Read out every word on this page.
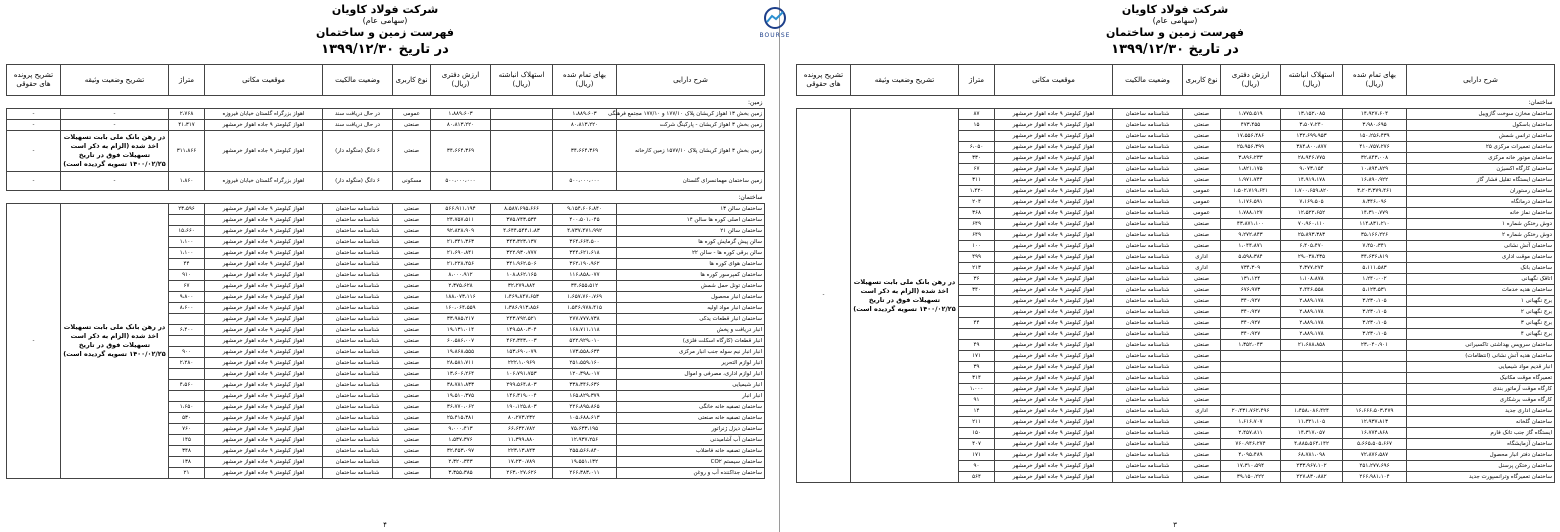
شرکت فولاد کاویان
(سهامی عام)
فهرست زمین و ساختمان
در تاریخ ۱۳۹۹/۱۲/۳۰
شرح دارایی	بهای تمام شده (ریال)	استهلاک انباشته (ریال)	ارزش دفتری (ریال)	نوع کاربری	وضعیت مالکیت	موقعیت مکانی	متراژ	تشریح وضعیت وثیقه	تشریح پرونده های حقوقی
زمین:									
زمین بخش ۱۳ اهواز کریشان پلاک ۱۷۷/۱۰ و ۱۷۷/۱۰ مجتمع فرهنگی	۱،۸۸۹،۶۰۳		۱،۸۸۹،۶۰۳	عمومی	در حال دریافت سند	اهواز بزرگراه گلستان خیابان فیروزه	۲،۷۶۸	-	-
زمین بخش ۳ اهواز کریشان - پارکینگ شرکت	۸۰،۸۱۳،۲۲۰		۸۰،۸۱۳،۲۲۰	صنعتی	در حال دریافت سند	اهواز کیلومتر ۹ جاده اهواز خرمشهر	۴۱،۳۱۷	-	-
زمین بخش ۳ اهواز کریشان پلاک ۱۵۷۷/۱۰ زمین کارخانه	۳۴،۶۶۴،۳۶۹		۳۴،۶۶۴،۳۶۹	صنعتی	۶ دانگ (منگوله دار)	اهواز کیلومتر ۹ جاده اهواز خرمشهر	۳۱۱،۸۶۶	در رهن بانک ملی بابت تسهیلات اخذ شده (الزام به ذکر است تسهیلات فوق در تاریخ ۱۴۰۰/۰۲/۲۵ تسویه گردیده است)	-
زمین ساختمان مهمانسرای گلستان	۵۰۰،۰۰۰،۰۰۰		۵۰۰،۰۰۰،۰۰۰	مسکونی	۶ دانگ (منگوله دار)	اهواز بزرگراه گلستان خیابان فیروزه	۱،۸۶۰	-	-
ساختمان:									
ساختمان سالن ۱۳	۹،۱۵۴،۶۰۶،۸۴۰	۸،۵۸۷،۶۹۵،۶۶۶	۵۶۶،۹۱۱،۱۹۴	صنعتی	شناسنامه ساختمان	اهواز کیلومتر ۹ جاده اهواز خرمشهر	۲۳،۵۹۶	در رهن بانک ملی بابت تسهیلات اخذ شده (الزام به ذکر است تسهیلات فوق در تاریخ ۱۴۰۰/۰۲/۲۵ تسویه گردیده است)	-
ساختمان اصلی کوره ها سالن ۱۴	۴۰۰،۵۰۱،۰۴۵	۳۷۵،۷۴۳،۵۳۴	۲۴،۷۵۷،۵۱۱	صنعتی	شناسنامه ساختمان	اهواز کیلومتر ۹ جاده اهواز خرمشهر			
ساختمان سالن ۲۱	۴،۷۳۷،۴۷۱،۹۹۲	۴،۶۴۴،۵۴۴،۱،۸۳	۹۲،۸۲۸،۹۰۹	صنعتی	شناسنامه ساختمان	اهواز کیلومتر ۹ جاده اهواز خرمشهر	۱۵،۶۶۰		
سالن پیش گرمایش کوره ها	۳۶۴،۶۶۴،۵۰۰	۳۴۳،۳۲۳،۱۳۷	۲۱،۳۴۱،۳۶۳	صنعتی	شناسنامه ساختمان	اهواز کیلومتر ۹ جاده اهواز خرمشهر	۱،۱۰۰		
سالن برقی کوره ها - سالن ۲۲	۳۴۴،۶۲۱،۶۱۸	۳۲۲،۹۳۰،۷۷۷	۲۱،۶۹۰،۸۴۱	صنعتی	شناسنامه ساختمان	اهواز کیلومتر ۹ جاده اهواز خرمشهر	۱،۱۰۰		
ساختمان هوای کوره ها	۳۶۲،۱۹۰،۹۶۲	۳۴۱،۹۶۲،۵۰۶	۲۱،۲۲۸،۴۵۶	صنعتی	شناسنامه ساختمان	اهواز کیلومتر ۹ جاده اهواز خرمشهر	۴۴		
ساختمان کمپرسور کوره ها	۱۱۶،۸۵۸،۰۷۷	۱۰۸،۸۶۲،۱۶۵	۸،۰۰۰،۹۱۲	صنعتی	شناسنامه ساختمان	اهواز کیلومتر ۹ جاده اهواز خرمشهر	۹۱۰		
ساختمان تونل حمل شمش	۳۴،۶۵۵،۵۱۲	۳۲،۲۷۹،۸۸۴	۲،۳۷۵،۶۲۸	صنعتی	شناسنامه ساختمان	اهواز کیلومتر ۹ جاده اهواز خرمشهر	۶۷		
ساختمان انبار محصول	۱،۶۵۷،۷۶۰،۷۶۹	۱،۴۶۹،۸۴۷،۶۵۳	۱۸۸،۰۷۳،۱۱۶	صنعتی	شناسنامه ساختمان	اهواز کیلومتر ۹ جاده اهواز خرمشهر	۹،۸۰۰		
ساختمان انبار مواد اولیه	۱،۵۴۶،۹۷۸،۴۱۵	۱،۳۸۶،۹۱۳،۸۵۶	۱۶۰،۰۶۴،۵۵۹	صنعتی	شناسنامه ساختمان	اهواز کیلومتر ۹ جاده اهواز خرمشهر	۸،۶۰۰		
ساختمان انبار قطعات یدکی	۲۷۷،۷۷۷،۷۳۸	۲۴۳،۷۹۲،۵۲۱	۳۳،۹۸۵،۲۱۷	صنعتی	شناسنامه ساختمان	اهواز کیلومتر ۹ جاده اهواز خرمشهر			
انبار دریافت و پخش	۱۶۸،۷۱۱،۱۱۸	۱۴۹،۵۸۰،۳۰۴	۱۹،۱۳۱،۰۱۴	صنعتی	شناسنامه ساختمان	اهواز کیلومتر ۹ جاده اهواز خرمشهر	۶،۴۰۰		
انبار قطعات (کارگاه اسکلت فلزی)	۵۲۲،۹۲۹،۰۱۰	۴۶۲،۳۴۳،۰۰۳	۶۰،۵۸۶،۰۰۷	صنعتی	شناسنامه ساختمان	اهواز کیلومتر ۹ جاده اهواز خرمشهر			
انبار انبار نیم سوله جنب انبار مرکزی	۱۷۳،۵۵۸،۶۳۴	۱۵۳،۶۹۰،۰۷۹	۱۹،۸۶۸،۵۵۵	صنعتی	شناسنامه ساختمان	اهواز کیلومتر ۹ جاده اهواز خرمشهر	۹۰۰		
انبار لوازم التحریر	۲۵۱،۵۵۹،۱۶۰	۲۲۲،۱،۰۹۶۹	۲۸،۵۸۱،۷۱۱	صنعتی	شناسنامه ساختمان	اهواز کیلومتر ۹ جاده اهواز خرمشهر	۲،۲۸۰		
انبار لوازم اداری، مصرفی و اموال	۱۲۰،۳۹۸،۰۱۷	۱۰۶،۷۹۱،۷۵۳	۱۳،۶۰۶،۲۶۴	صنعتی	شناسنامه ساختمان	اهواز کیلومتر ۹ جاده اهواز خرمشهر			
انبار شیمیایی	۳۳۸،۳۴۶،۶۳۶	۲۹۹،۵۶۴،۸۰۳	۳۸،۷۸۱،۸۳۳	صنعتی	شناسنامه ساختمان	اهواز کیلومتر ۹ جاده اهواز خرمشهر	۴،۵۶۰		
انبار انبار	۱۶۵،۸۲۹،۳۷۹	۱۴۶،۳۱۹،۰۰۴	۱۹،۵۱۰،۳۷۵	صنعتی	شناسنامه ساختمان	اهواز کیلومتر ۹ جاده اهواز خرمشهر			
ساختمان تصفیه خانه خانگی	۲۲۶،۸۹۵،۸۶۵	۱۹۰،۱۲۵،۸۰۳	۳۶،۷۷۰،۰۶۲	صنعتی	شناسنامه ساختمان	اهواز کیلومتر ۹ جاده اهواز خرمشهر	۱،۶۵۰		
ساختمان تصفیه خانه صنعتی	۱۰۵،۶۸۸،۶۱۳	۸۰،۲۷۳،۲۳۲	۲۵،۴۱۵،۳۸۱	صنعتی	شناسنامه ساختمان	اهواز کیلومتر ۹ جاده اهواز خرمشهر	۵۳۰		
ساختمان دیزل ژنراتور	۷۵،۶۳۳،۱۹۵	۶۶،۶۳۲،۷۸۲	۹،۰۰۰،۴۱۳	صنعتی	شناسنامه ساختمان	اهواز کیلومتر ۹ جاده اهواز خرمشهر	۷۶۰		
ساختمان آب آشامیدنی	۱۲،۹۳۷،۲۵۶	۱۱،۳۹۹،۸۸۰	۱،۵۳۷،۳۷۶	صنعتی	شناسنامه ساختمان	اهواز کیلومتر ۹ جاده اهواز خرمشهر	۱۴۵		
ساختمان تصفیه خانه فاضلاب	۲۵۵،۵۶۶،۸۴۰	۲۲۳،۱۳،۸۴۳	۳۲،۴۵۳،۰۹۷	صنعتی	شناسنامه ساختمان	اهواز کیلومتر ۹ جاده اهواز خرمشهر	۳۴۸		
ساختمان سیستم CO۲	۱۹،۵۵۱،۱۳۲	۱۷،۲۳۰،۷۸۹	۲،۳۲۰،۳۴۳	صنعتی	شناسنامه ساختمان	اهواز کیلومتر ۹ جاده اهواز خرمشهر	۱۳۸		
ساختمان جداکننده آب و روغن	۲۶۶،۳۸۳،۰۱۱	۲۶۳،۰۲۷،۶۲۶	۳،۳۵۵،۳۸۵	صنعتی	شناسنامه ساختمان	اهواز کیلومتر ۹ جاده اهواز خرمشهر	۲۱		
۴
شرکت فولاد کاویان
(سهامی عام)
فهرست زمین و ساختمان
در تاریخ ۱۳۹۹/۱۲/۳۰
شرح دارایی	بهای تمام شده (ریال)	استهلاک انباشته (ریال)	ارزش دفتری (ریال)	نوع کاربری	وضعیت مالکیت	موقعیت مکانی	متراژ	تشریح وضعیت وثیقه	تشریح پرونده های حقوقی
ساختمان:									
ساختمان مخازن سوخت گازوییل	۱۴،۹۲۷،۶۰۴	۱۳،۱۵۲،۰۸۵	۱،۷۷۵،۵۱۹	صنعتی	شناسنامه ساختمان	اهواز کیلومتر ۹ جاده اهواز خرمشهر	۸۷	در رهن بانک ملی بابت تسهیلات اخذ شده (الزام به ذکر است تسهیلات فوق در تاریخ ۱۴۰۰/۰۲/۲۵ تسویه گردیده است)	-
ساختمان باسکول	۳،۹۸۰،۶۹۵	۳،۵۰۷،۲۴۰	۴۷۳،۴۵۵	صنعتی	شناسنامه ساختمان	اهواز کیلومتر ۹ جاده اهواز خرمشهر	۱۵		
ساختمان ترانس شمش	۱۵۰،۲۵۶،۴۳۹	۱۳۲،۶۹۹،۹۵۳	۱۷،۵۵۶،۴۸۶	صنعتی	شناسنامه ساختمان	اهواز کیلومتر ۹ جاده اهواز خرمشهر			
ساختمان تعمیرات مرکزی ۲۵	۴۱۰،۷۵۷،۲۷۶	۳۸۴،۸۰۰،۸۷۷	۲۵،۹۵۶،۳۹۹	صنعتی	شناسنامه ساختمان	اهواز کیلومتر ۹ جاده اهواز خرمشهر	۶،۰۵۰		
ساختمان موتور خانه مرکزی	۳۲،۸۴۳،۰۰۸	۲۸،۹۴۶،۷۷۵	۳،۸۹۶،۲۳۳	صنعتی	شناسنامه ساختمان	اهواز کیلومتر ۹ جاده اهواز خرمشهر	۳۳۰		
ساختمان کارگاه اکسیژن	۱۰،۸۹۴،۸۲۹	۹،۰۷۳،۱۵۴	۱،۸۲۱،۱۷۵	صنعتی	شناسنامه ساختمان	اهواز کیلومتر ۹ جاده اهواز خرمشهر	۶۷		
ساختمان ایستگاه تقلیل فشار گاز	۱۶،۸۹۰،۹۲۲	۱۴،۹۱۹،۱۷۸	۱،۹۷۱،۷۴۴	صنعتی	شناسنامه ساختمان	اهواز کیلومتر ۹ جاده اهواز خرمشهر	۳۱۱		
ساختمان رستوران	۳،۲۰۳،۳۷۹،۴۶۱	۱،۷۰۰،۶۵۹،۸۲۰	۱،۵۰۲،۷۱۹،۶۴۱	عمومی	شناسنامه ساختمان	اهواز کیلومتر ۹ جاده اهواز خرمشهر	۱،۴۲۰		
ساختمان درمانگاه	۸،۳۴۶،۰۹۶	۷،۱۶۹،۵۰۵	۱،۱۷۶،۵۹۱	عمومی	شناسنامه ساختمان	اهواز کیلومتر ۹ جاده اهواز خرمشهر	۲۰۴		
ساختمان نماز خانه	۱۴،۳۱۰،۷۷۹	۱۲،۵۲۲،۶۵۲	۱،۷۸۸،۱۲۷	عمومی	شناسنامه ساختمان	اهواز کیلومتر ۹ جاده اهواز خرمشهر	۳۶۸		
دوش رختکن شماره ۱	۱۱۴،۸۳۱،۲۱۰	۷۰،۹۶۰،۱۱۰	۴۳،۸۷۱،۱۰۰	صنعتی	شناسنامه ساختمان	اهواز کیلومتر ۹ جاده اهواز خرمشهر	۶۴۹		
دوش رختکن شماره ۲	۳۵،۱۶۶،۲۲۶	۲۵،۸۹۳،۳۸۳	۹،۲۷۲،۸۴۳	صنعتی	شناسنامه ساختمان	اهواز کیلومتر ۹ جاده اهواز خرمشهر	۶۴۹		
ساختمان آتش نشانی	۷،۴۵۰،۳۴۱	۶،۴۰۵،۴۷۰	۱،۰۴۴،۸۷۱	صنعتی	شناسنامه ساختمان	اهواز کیلومتر ۹ جاده اهواز خرمشهر	۱۰۰		
ساختمان موقت اداری	۳۴،۶۳۶،۸۱۹	۲۹،۰۳۸،۴۳۵	۵،۵۹۸،۳۸۴	اداری	شناسنامه ساختمان	اهواز کیلومتر ۹ جاده اهواز خرمشهر	۴۹۹		
ساختمان بانک	۵،۱۱۱،۵۸۳	۴،۳۷۷،۲۷۴	۷۳۴،۳۰۹	اداری	شناسنامه ساختمان	اهواز کیلومتر ۹ جاده اهواز خرمشهر	۲۱۳		
اتاقک نگهبانی	۱،۲۴۰،۰۰۲	۱،۱۰۸،۸۷۸	۱۳۱،۱۲۴	صنعتی	شناسنامه ساختمان	اهواز کیلومتر ۹ جاده اهواز خرمشهر	۳۶		
ساختمان هدیه خدمات	۵،۱۲۳،۵۳۱	۴،۴۴۶،۵۵۸	۶۷۶،۹۷۳	صنعتی	شناسنامه ساختمان	اهواز کیلومتر ۹ جاده اهواز خرمشهر	۳۴۰		
برج نگهبانی ۱	۳،۲۳۰،۱۰۵	۲،۸۸۹،۱۷۸	۳۴۰،۹۲۷	صنعتی	شناسنامه ساختمان	اهواز کیلومتر ۹ جاده اهواز خرمشهر			
برج نگهبانی ۲	۳،۲۳۰،۱۰۵	۲،۸۸۹،۱۷۸	۳۴۰،۹۲۷	صنعتی	شناسنامه ساختمان	اهواز کیلومتر ۹ جاده اهواز خرمشهر			
برج نگهبانی ۳	۳،۲۳۰،۱۰۵	۲،۸۸۹،۱۷۸	۳۴۰،۹۲۷	صنعتی	شناسنامه ساختمان	اهواز کیلومتر ۹ جاده اهواز خرمشهر	۴۴		
برج نگهبانی ۴	۳،۲۳۰،۱۰۵	۲،۸۸۹،۱۷۸	۳۴۰،۹۲۷	صنعتی	شناسنامه ساختمان	اهواز کیلومتر ۹ جاده اهواز خرمشهر			
ساختمان سرویس بهداشتی تاکسیرانی	۲۳،۰۴۰،۹۰۱	۲۱،۶۸۸،۸۵۸	۱،۳۵۲،۰۴۳	صنعتی	شناسنامه ساختمان	اهواز کیلومتر ۹ جاده اهواز خرمشهر	۴۹		
ساختمان هدیه آتش نشانی (انتظامات)				صنعتی	شناسنامه ساختمان	اهواز کیلومتر ۹ جاده اهواز خرمشهر	۱۷۱		
انبار قدیم مواد شیمیایی				صنعتی	شناسنامه ساختمان	اهواز کیلومتر ۹ جاده اهواز خرمشهر	۳۹		
تعمیرگاه موقت مکانیک				صنعتی	شناسنامه ساختمان	اهواز کیلومتر ۹ جاده اهواز خرمشهر	۳۱۴		
کارگاه موقت آرماتور بندی				صنعتی	شناسنامه ساختمان	اهواز کیلومتر ۹ جاده اهواز خرمشهر	۱،۰۰۰		
کارگاه موقت برشکاری				صنعتی	شناسنامه ساختمان	اهواز کیلومتر ۹ جاده اهواز خرمشهر	۹۱		
ساختمان اداری جدید	۱۶،۶۶۶،۵۰۳،۴۷۹	۱،۴۵۸،۰۸۶،۴۲۴	۲۰،۴۳۱،۷۶۲،۴۹۶	اداری	شناسنامه ساختمان	اهواز کیلومتر ۹ جاده اهواز خرمشهر	۱۴		
ساختمان گلخانه	۱۲،۹۳۷،۸۱۳	۱۱،۳۲۱،۱۰۵	۱،۶۱۶،۷۰۷	صنعتی	شناسنامه ساختمان	اهواز کیلومتر ۹ جاده اهواز خرمشهر	۲۱۱		
ایستگاه گاز جنب تانک فارم	۱۶،۷۷۴،۸۶۸	۱۴،۳۱۷،۰۵۷	۲،۴۵۷،۸۱۱	صنعتی	شناسنامه ساختمان	اهواز کیلومتر ۹ جاده اهواز خرمشهر	۱۵۰		
ساختمان آزمایشگاه	۵،۶۶۵،۵۰۵،۶۶۷	۴،۸۸۵،۵۶۴،۱۴۲	۷۶۰،۹۴۶،۲۷۴	صنعتی	شناسنامه ساختمان	اهواز کیلومتر ۹ جاده اهواز خرمشهر	۴۰۷		
ساختمان دفتر انبار محصول	۷۲،۸۷۶،۵۸۷	۶۸،۷۸۱،۰۹۸	۴،۰۹۵،۴۸۹	صنعتی	شناسنامه ساختمان	اهواز کیلومتر ۹ جاده اهواز خرمشهر	۱۷۱		
ساختمان رختکن پرسنل	۲۵۱،۲۷۷،۶۹۶	۲۳۳،۹۶۷،۱۰۲	۱۷،۳۱۰،۵۹۴	صنعتی	شناسنامه ساختمان	اهواز کیلومتر ۹ جاده اهواز خرمشهر	۹۰		
ساختمان تعمیرگاه وترانسپورت جدید	۲۶۶،۹۸۱،۱۰۴	۲۲۷،۸۳۰،۸۸۲	۳۹،۱۵۰،۲۲۲	صنعتی	شناسنامه ساختمان	اهواز کیلومتر ۹ جاده اهواز خرمشهر	۵۶۴		
۳
BOURSE
